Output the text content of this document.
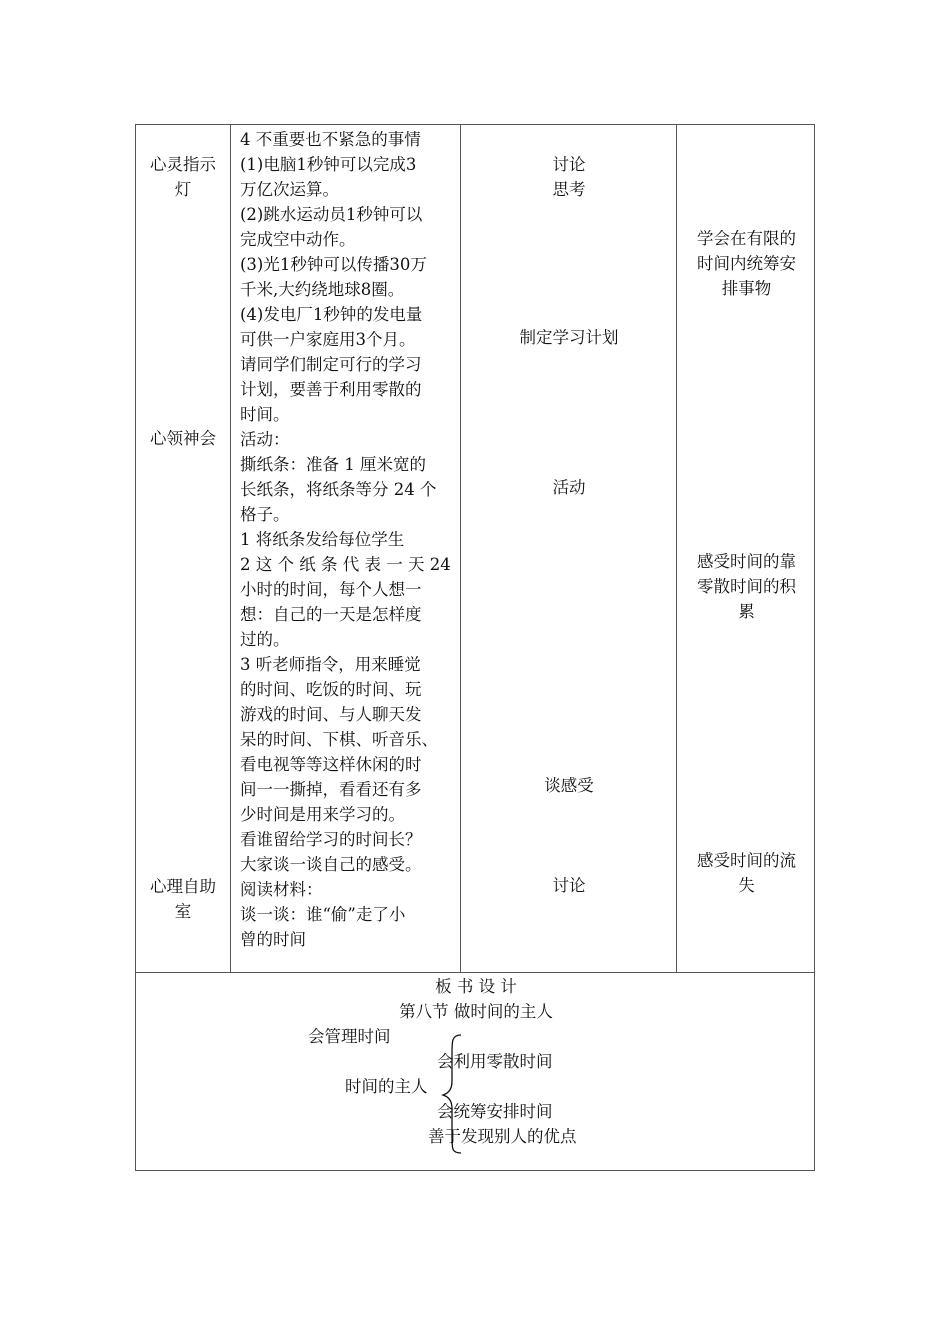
心灵指示
灯
心领神会
心理自助
室
4 不重要也不紧急的事情
(1)电脑1秒钟可以完成3
万亿次运算。
(2)跳水运动员1秒钟可以
完成空中动作。
(3)光1秒钟可以传播30万
千米,大约绕地球8圈。
(4)发电厂1秒钟的发电量
可供一户家庭用3个月。
请同学们制定可行的学习
计划，要善于利用零散的
时间。
活动：
撕纸条：准备 1 厘米宽的
长纸条，将纸条等分 24 个
格子。
1 将纸条发给每位学生
2 这 个 纸 条 代 表 一 天 24
小时的时间，每个人想一
想：自己的一天是怎样度
过的。
3 听老师指令，用来睡觉
的时间、吃饭的时间、玩
游戏的时间、与人聊天发
呆的时间、下棋、听音乐、
看电视等等这样休闲的时
间一一撕掉，看看还有多
少时间是用来学习的。
看谁留给学习的时间长？
大家谈一谈自己的感受。
阅读材料：
谈一谈：谁“偷”走了小
曾的时间
讨论
思考
制定学习计划
活动
谈感受
讨论
学会在有限的
时间内统筹安
排事物
感受时间的靠
零散时间的积
累
感受时间的流
失
板 书 设 计
第八节 做时间的主人
会管理时间
会利用零散时间
时间的主人
会统筹安排时间
善于发现别人的优点
